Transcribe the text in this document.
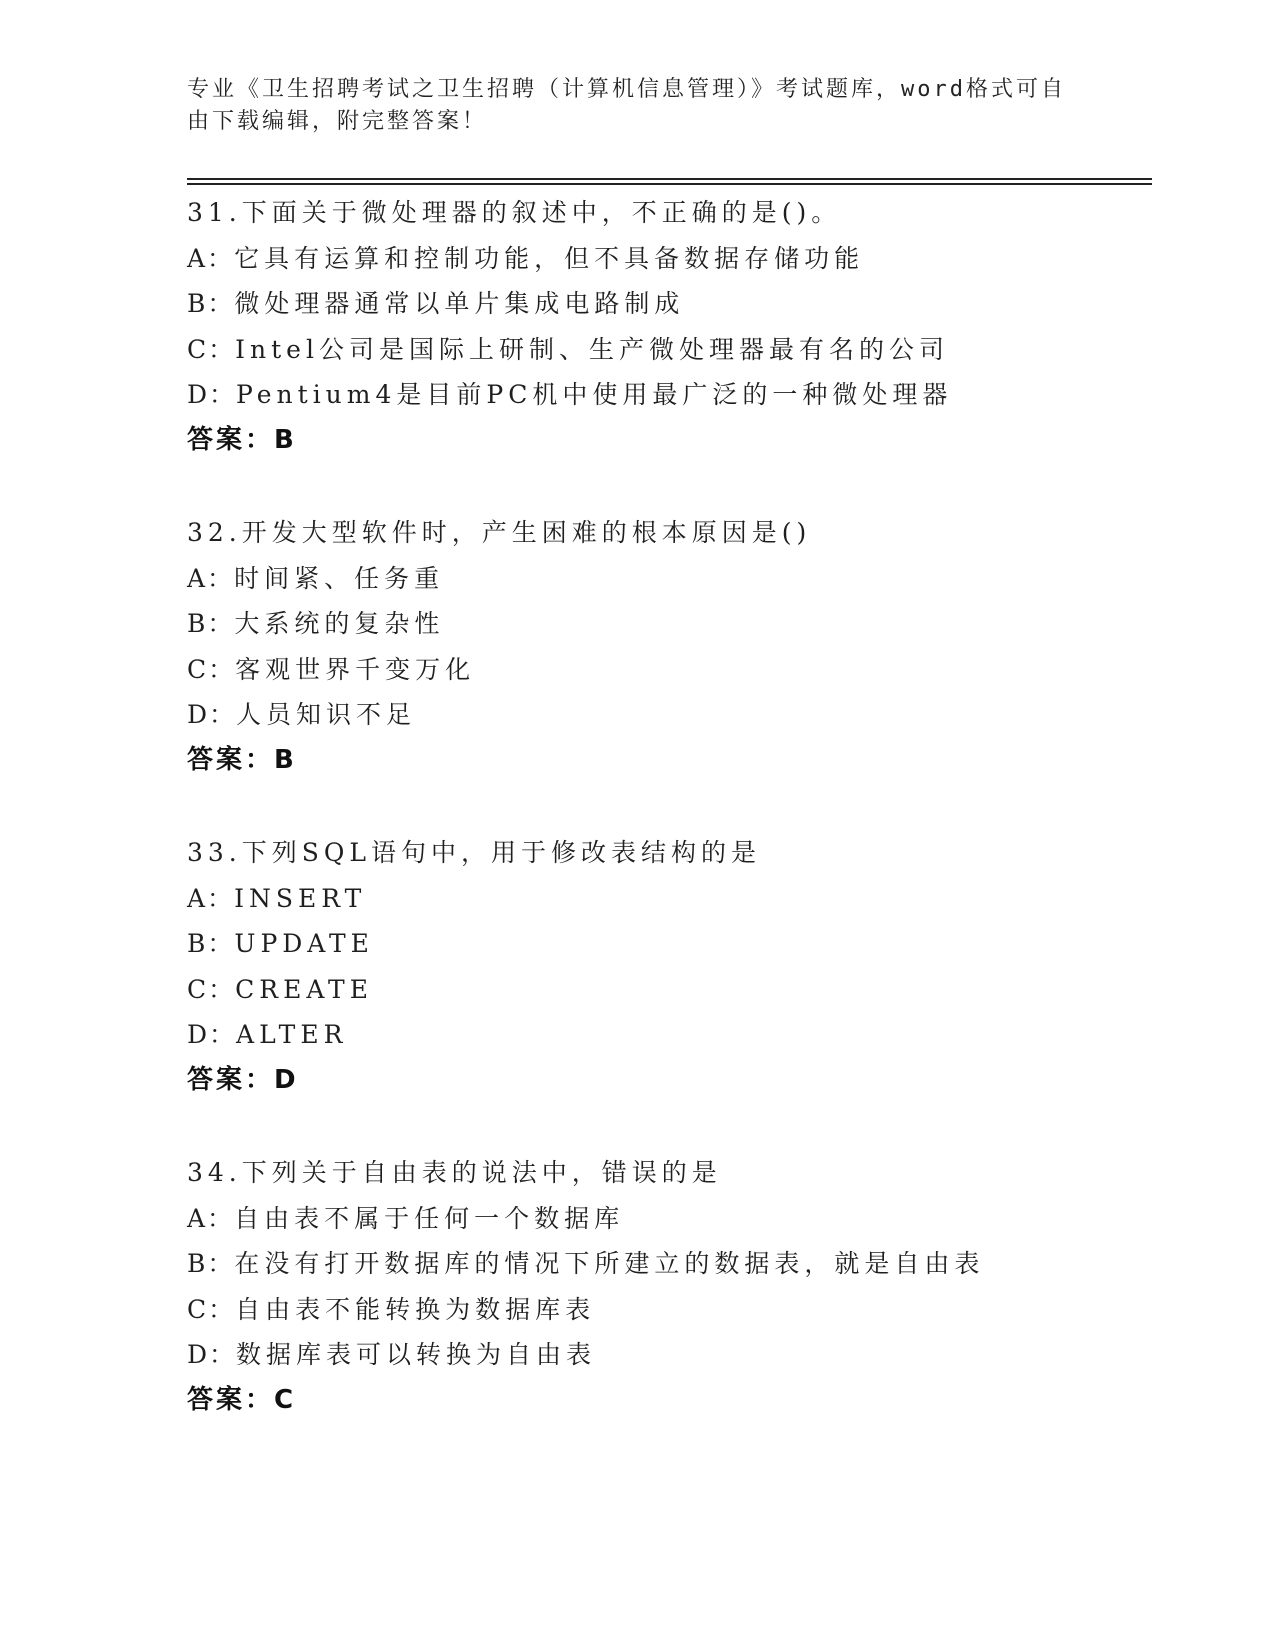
专业《卫生招聘考试之卫生招聘（计算机信息管理）》考试题库，word格式可自
由下载编辑，附完整答案！
31.下面关于微处理器的叙述中，不正确的是()。
A：它具有运算和控制功能，但不具备数据存储功能
B：微处理器通常以单片集成电路制成
C：Intel公司是国际上研制、生产微处理器最有名的公司
D：Pentium4是目前PC机中使用最广泛的一种微处理器
答案：B
32.开发大型软件时，产生困难的根本原因是()
A：时间紧、任务重
B：大系统的复杂性
C：客观世界千变万化
D：人员知识不足
答案：B
33.下列SQL语句中，用于修改表结构的是
A：INSERT
B：UPDATE
C：CREATE
D：ALTER
答案：D
34.下列关于自由表的说法中，错误的是
A：自由表不属于任何一个数据库
B：在没有打开数据库的情况下所建立的数据表，就是自由表
C：自由表不能转换为数据库表
D：数据库表可以转换为自由表
答案：C
